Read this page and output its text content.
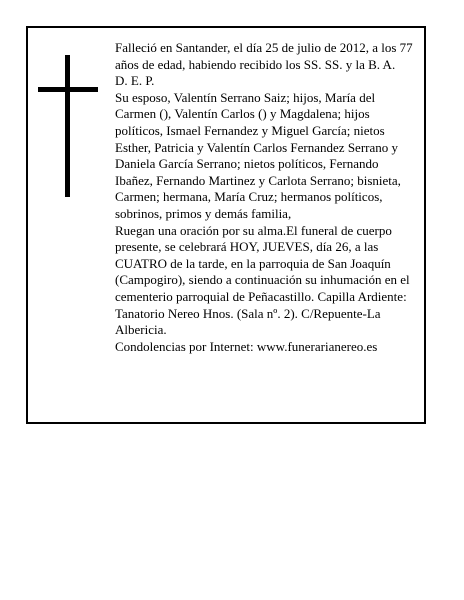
Falleció en Santander, el día 25 de julio de 2012, a los 77 años de edad, habiendo recibido los SS. SS. y la B. A.

D. E. P.

Su esposo, Valentín Serrano Saiz; hijos, María del Carmen (), Valentín Carlos () y Magdalena; hijos políticos, Ismael Fernandez y Miguel García; nietos Esther, Patricia y Valentín Carlos Fernandez Serrano y Daniela García Serrano; nietos políticos, Fernando Ibañez, Fernando Martinez y Carlota Serrano; bisnieta, Carmen; hermana, María Cruz; hermanos políticos, sobrinos, primos y demás familia,

Ruegan una oración por su alma.El funeral de cuerpo presente, se celebrará HOY, JUEVES, día 26, a las CUATRO de la tarde, en la parroquia de San Joaquín (Campogiro), siendo a continuación su inhumación en el cementerio parroquial de Peñacastillo. Capilla Ardiente: Tanatorio Nereo Hnos. (Sala nº. 2). C/Repuente-La Albericia.

Condolencias por Internet: www.funerarianereo.es
